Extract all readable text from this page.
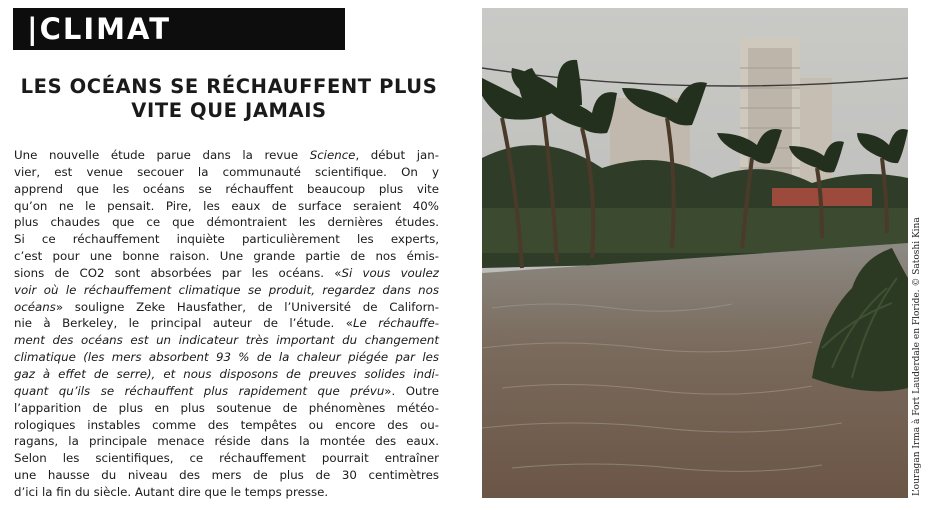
|CLIMAT
LES OCÉANS SE RÉCHAUFFENT PLUS
VITE QUE JAMAIS
Une nouvelle étude parue dans la revue Science, début jan-
vier, est venue secouer la communauté scientifique. On y
apprend que les océans se réchauffent beaucoup plus vite
qu’on ne le pensait. Pire, les eaux de surface seraient 40%
plus chaudes que ce que démontraient les dernières études.
Si ce réchauffement inquiète particulièrement les experts,
c’est pour une bonne raison. Une grande partie de nos émis-
sions de CO2 sont absorbées par les océans. «Si vous voulez
voir où le réchauffement climatique se produit, regardez dans nos
océans» souligne Zeke Hausfather, de l’Université de Californ-
nie à Berkeley, le principal auteur de l’étude. «Le réchauffe-
ment des océans est un indicateur très important du changement
climatique (les mers absorbent 93 % de la chaleur piégée par les
gaz à effet de serre), et nous disposons de preuves solides indi-
quant qu’ils se réchauffent plus rapidement que prévu». Outre
l’apparition de plus en plus soutenue de phénomènes météo-
rologiques instables comme des tempêtes ou encore des ou-
ragans, la principale menace réside dans la montée des eaux.
Selon les scientifiques, ce réchauffement pourrait entraîner
une hausse du niveau des mers de plus de 30 centimètres
d’ici la fin du siècle. Autant dire que le temps presse.	L’ouragan Irma à Fort Lauderdale en Floride. © Satoshi Kina
